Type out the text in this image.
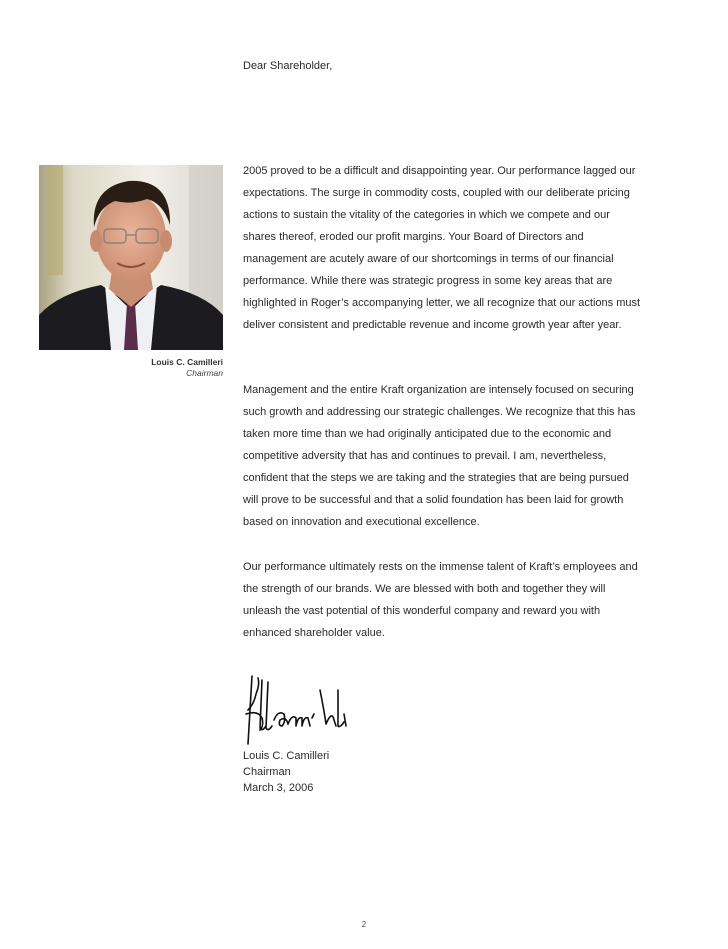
Dear Shareholder,
Louis C. Camilleri
Chairman

2005 proved to be a difficult and disappointing year. Our performance lagged our expectations. The surge in commodity costs, coupled with our deliberate pricing actions to sustain the vitality of the categories in which we compete and our shares thereof, eroded our profit margins. Your Board of Directors and management are acutely aware of our shortcomings in terms of our financial performance. While there was strategic progress in some key areas that are highlighted in Roger’s accompanying letter, we all recognize that our actions must deliver consistent and predictable revenue and income growth year after year.

Management and the entire Kraft organization are intensely focused on securing such growth and addressing our strategic challenges. We recognize that this has taken more time than we had originally anticipated due to the economic and competitive adversity that has and continues to prevail. I am, nevertheless, confident that the steps we are taking and the strategies that are being pursued will prove to be successful and that a solid foundation has been laid for growth based on innovation and executional excellence.

Our performance ultimately rests on the immense talent of Kraft’s employees and the strength of our brands. We are blessed with both and together they will unleash the vast potential of this wonderful company and reward you with enhanced shareholder value.

Louis C. Camilleri
Chairman
March 3, 2006
2
